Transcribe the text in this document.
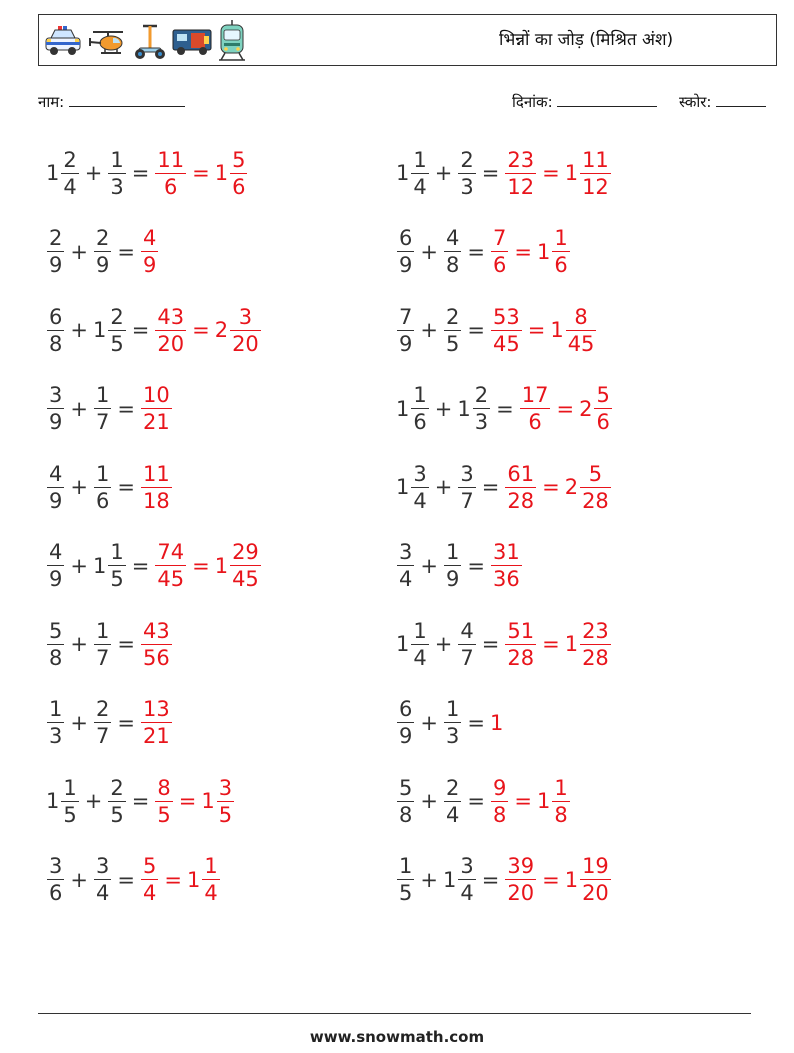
भिन्नों का जोड़ (मिश्रित अंश)
नाम:	दिनांक:	स्कोर:
$1 \frac{2}{4} + \frac{1}{3} = \frac{11}{6} = 1 \frac{5}{6}$	$1 \frac{1}{4} + \frac{2}{3} = \frac{23}{12} = 1 \frac{11}{12}$
$\frac{2}{9} + \frac{2}{9} = \frac{4}{9}$	$\frac{6}{9} + \frac{4}{8} = \frac{7}{6} = 1 \frac{1}{6}$
$\frac{6}{8} + 1 \frac{2}{5} = \frac{43}{20} = 2 \frac{3}{20}$	$\frac{7}{9} + \frac{2}{5} = \frac{53}{45} = 1 \frac{8}{45}$
$\frac{3}{9} + \frac{1}{7} = \frac{10}{21}$	$1 \frac{1}{6} + 1 \frac{2}{3} = \frac{17}{6} = 2 \frac{5}{6}$
$\frac{4}{9} + \frac{1}{6} = \frac{11}{18}$	$1 \frac{3}{4} + \frac{3}{7} = \frac{61}{28} = 2 \frac{5}{28}$
$\frac{4}{9} + 1 \frac{1}{5} = \frac{74}{45} = 1 \frac{29}{45}$	$\frac{3}{4} + \frac{1}{9} = \frac{31}{36}$
$\frac{5}{8} + \frac{1}{7} = \frac{43}{56}$	$1 \frac{1}{4} + \frac{4}{7} = \frac{51}{28} = 1 \frac{23}{28}$
$\frac{1}{3} + \frac{2}{7} = \frac{13}{21}$	$\frac{6}{9} + \frac{1}{3} = 1$
$1 \frac{1}{5} + \frac{2}{5} = \frac{8}{5} = 1 \frac{3}{5}$	$\frac{5}{8} + \frac{2}{4} = \frac{9}{8} = 1 \frac{1}{8}$
$\frac{3}{6} + \frac{3}{4} = \frac{5}{4} = 1 \frac{1}{4}$	$\frac{1}{5} + 1 \frac{3}{4} = \frac{39}{20} = 1 \frac{19}{20}$
www.snowmath.com
